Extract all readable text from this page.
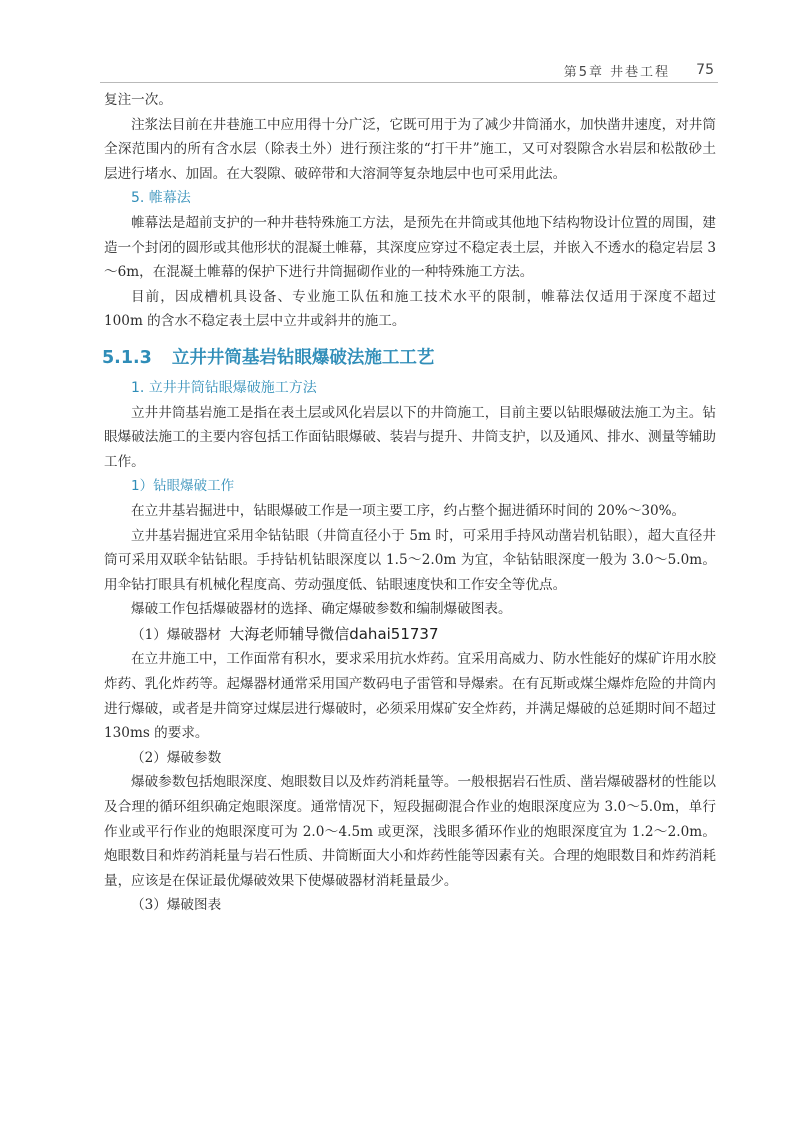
第5章 井巷工程 75

复注一次。

注浆法目前在井巷施工中应用得十分广泛，它既可用于为了减少井筒涌水，加快凿井速度，对井筒全深范围内的所有含水层（除表土外）进行预注浆的“打干井”施工，又可对裂隙含水岩层和松散砂土层进行堵水、加固。在大裂隙、破碎带和大溶洞等复杂地层中也可采用此法。

5. 帷幕法

帷幕法是超前支护的一种井巷特殊施工方法，是预先在井筒或其他地下结构物设计位置的周围，建造一个封闭的圆形或其他形状的混凝土帷幕，其深度应穿过不稳定表土层，并嵌入不透水的稳定岩层 3～6m，在混凝土帷幕的保护下进行井筒掘砌作业的一种特殊施工方法。

目前，因成槽机具设备、专业施工队伍和施工技术水平的限制，帷幕法仅适用于深度不超过 100m 的含水不稳定表土层中立井或斜井的施工。

5.1.3 立井井筒基岩钻眼爆破法施工工艺
1. 立井井筒钻眼爆破施工方法

立井井筒基岩施工是指在表土层或风化岩层以下的井筒施工，目前主要以钻眼爆破法施工为主。钻眼爆破法施工的主要内容包括工作面钻眼爆破、装岩与提升、井筒支护，以及通风、排水、测量等辅助工作。

1）钻眼爆破工作

在立井基岩掘进中，钻眼爆破工作是一项主要工序，约占整个掘进循环时间的 20%～30%。

立井基岩掘进宜采用伞钻钻眼（井筒直径小于 5m 时，可采用手持风动凿岩机钻眼），超大直径井筒可采用双联伞钻钻眼。手持钻机钻眼深度以 1.5～2.0m 为宜，伞钻钻眼深度一般为 3.0～5.0m。用伞钻打眼具有机械化程度高、劳动强度低、钻眼速度快和工作安全等优点。

爆破工作包括爆破器材的选择、确定爆破参数和编制爆破图表。

（1）爆破器材 大海老师辅导微信dahai51737

在立井施工中，工作面常有积水，要求采用抗水炸药。宜采用高威力、防水性能好的煤矿许用水胶炸药、乳化炸药等。起爆器材通常采用国产数码电子雷管和导爆索。在有瓦斯或煤尘爆炸危险的井筒内进行爆破，或者是井筒穿过煤层进行爆破时，必须采用煤矿安全炸药，并满足爆破的总延期时间不超过 130ms 的要求。

（2）爆破参数

爆破参数包括炮眼深度、炮眼数目以及炸药消耗量等。一般根据岩石性质、凿岩爆破器材的性能以及合理的循环组织确定炮眼深度。通常情况下，短段掘砌混合作业的炮眼深度应为 3.0～5.0m，单行作业或平行作业的炮眼深度可为 2.0～4.5m 或更深，浅眼多循环作业的炮眼深度宜为 1.2～2.0m。炮眼数目和炸药消耗量与岩石性质、井筒断面大小和炸药性能等因素有关。合理的炮眼数目和炸药消耗量，应该是在保证最优爆破效果下使爆破器材消耗量最少。

（3）爆破图表
